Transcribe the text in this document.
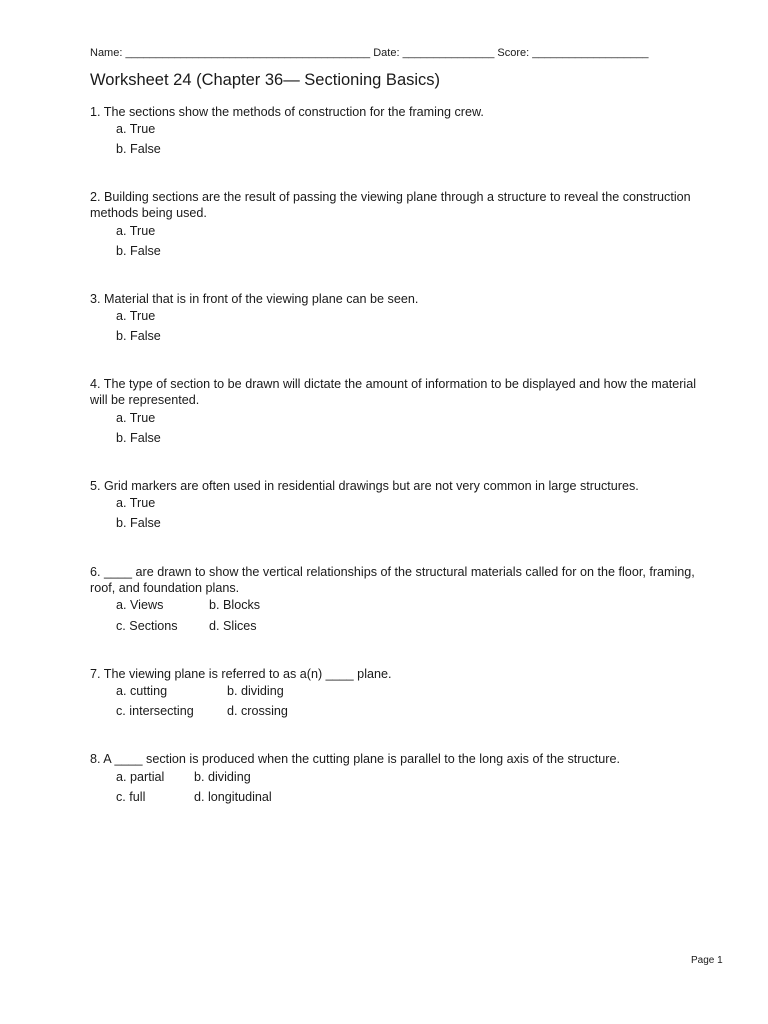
Name: ________________________________________ Date: _______________ Score: ___________________
Worksheet 24 (Chapter 36— Sectioning Basics)

1. The sections show the methods of construction for the framing crew.

a. True
b. False

2. Building sections are the result of passing the viewing plane through a structure to reveal the construction methods being used.

a. True
b. False

3. Material that is in front of the viewing plane can be seen.

a. True
b. False

4. The type of section to be drawn will dictate the amount of information to be displayed and how the material will be represented.

a. True
b. False

5. Grid markers are often used in residential drawings but are not very common in large structures.

a. True
b. False

6. ____ are drawn to show the vertical relationships of the structural materials called for on the floor, framing, roof, and foundation plans.

a. Views	b. Blocks
c. Sections d. Slices

7. The viewing plane is referred to as a(n) ____ plane.

a. cutting	b. dividing
c. intersecting	d. crossing

8. A ____ section is produced when the cutting plane is parallel to the long axis of the structure.

a. partial b. dividing
c. full	d. longitudinal
Page 1
